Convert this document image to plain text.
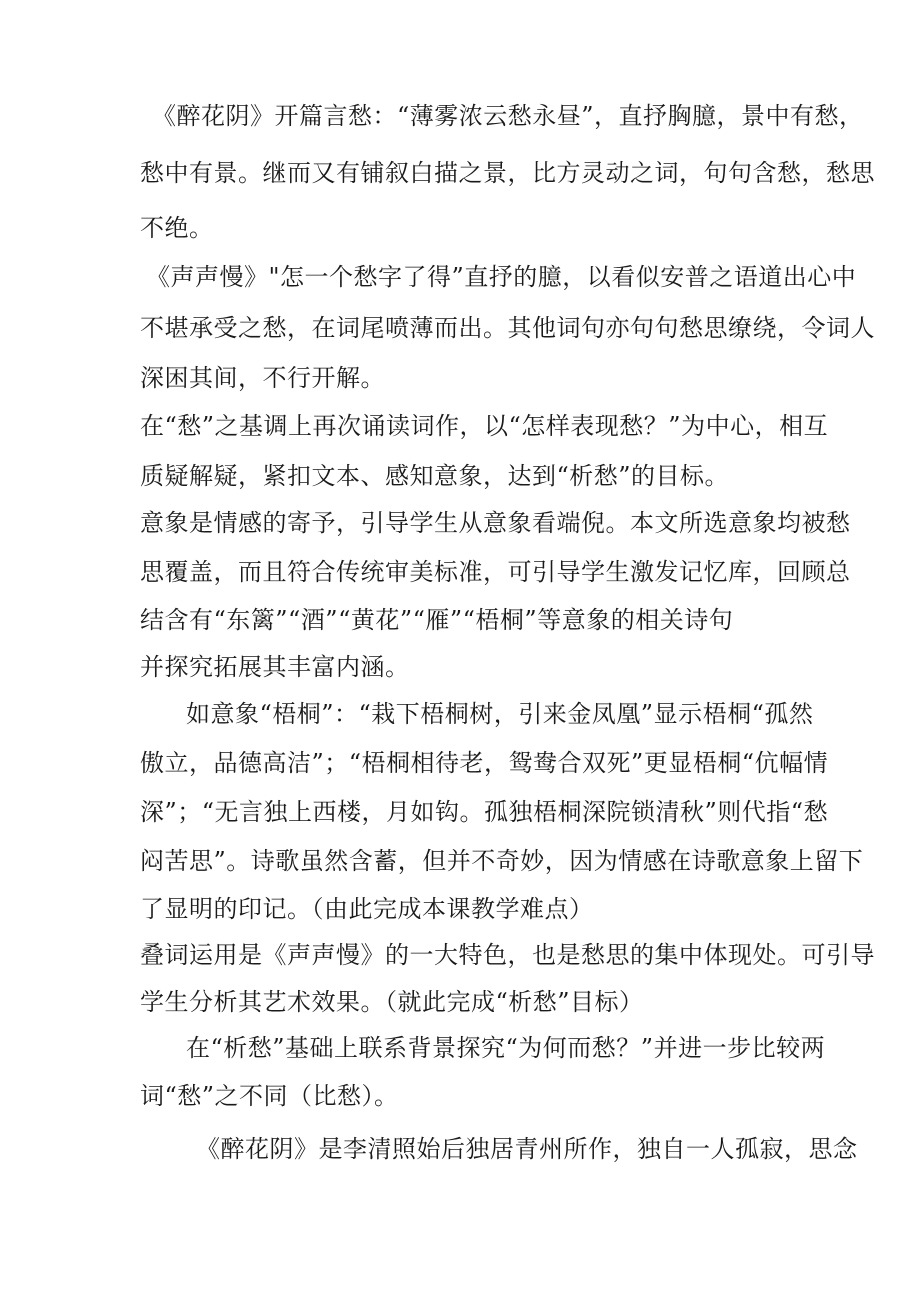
《醉花阴》开篇言愁：“薄雾浓云愁永昼”，直抒胸臆，景中有愁，
愁中有景。继而又有铺叙白描之景，比方灵动之词，句句含愁，愁思
不绝。
《声声慢》"怎一个愁字了得”直抒的臆，以看似安普之语道出心中
不堪承受之愁，在词尾喷薄而出。其他词句亦句句愁思缭绕，令词人
深困其间，不行开解。
在“愁”之基调上再次诵读词作，以“怎样表现愁？”为中心，相互
质疑解疑，紧扣文本、感知意象，达到“析愁”的目标。
意象是情感的寄予，引导学生从意象看端倪。本文所选意象均被愁
思覆盖，而且符合传统审美标准，可引导学生激发记忆库，回顾总
结含有“东篱”“酒”“黄花”“雁”“梧桐”等意象的相关诗句
并探究拓展其丰富内涵。
如意象“梧桐”：“栽下梧桐树，引来金凤凰”显示梧桐“孤然
傲立，品德高洁”；“梧桐相待老，鸳鸯合双死”更显梧桐“伉幅情
深”；“无言独上西楼，月如钩。孤独梧桐深院锁清秋”则代指“愁
闷苦思”。诗歌虽然含蓄，但并不奇妙，因为情感在诗歌意象上留下
了显明的印记。（由此完成本课教学难点）
叠词运用是《声声慢》的一大特色，也是愁思的集中体现处。可引导
学生分析其艺术效果。（就此完成“析愁”目标）
在“析愁”基础上联系背景探究“为何而愁？”并进一步比较两
词“愁”之不同（比愁）。
《醉花阴》是李清照始后独居青州所作，独自一人孤寂，思念
